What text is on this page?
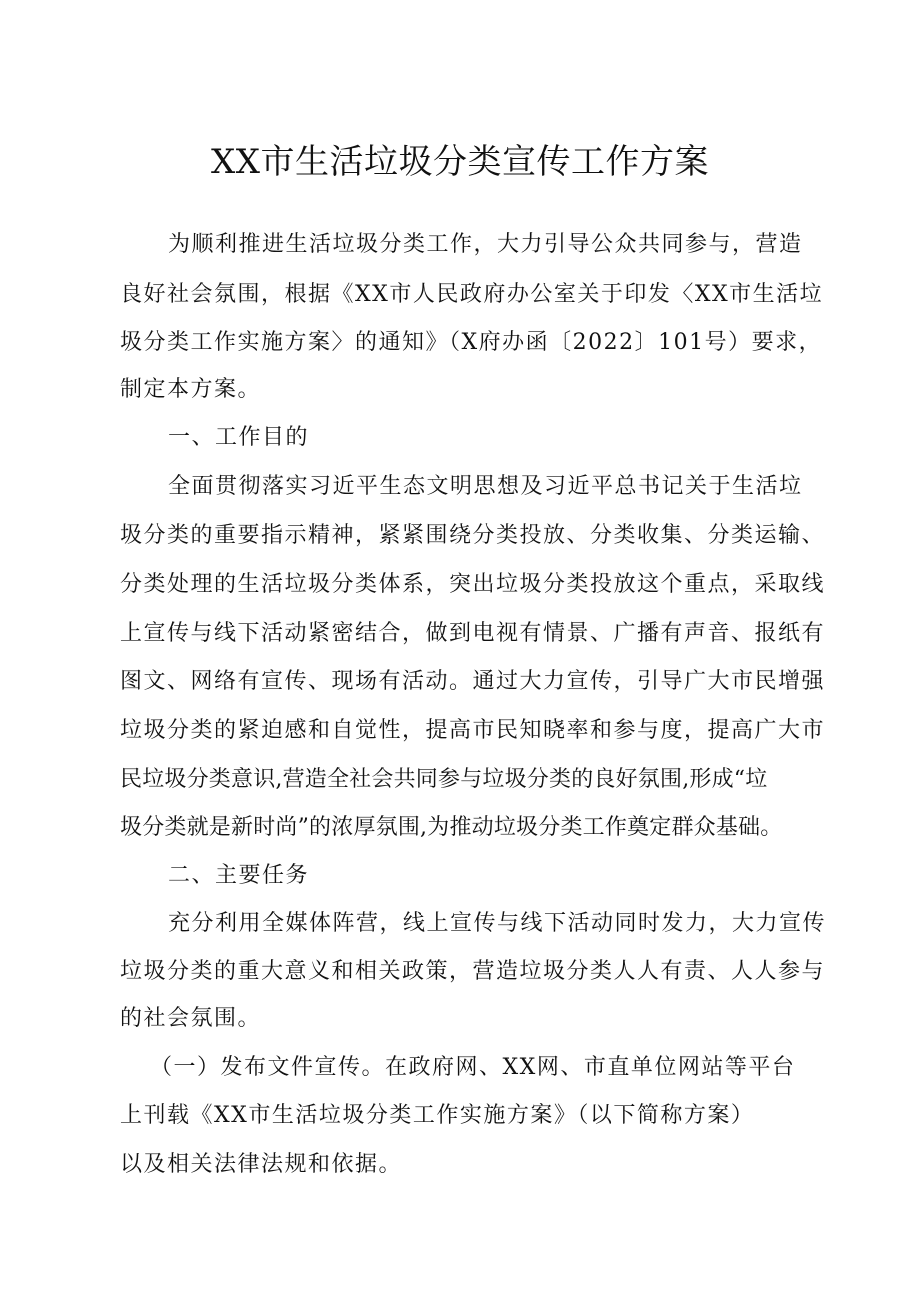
XX市生活垃圾分类宣传工作方案
为顺利推进生活垃圾分类工作，大力引导公众共同参与，营造
良好社会氛围，根据《XX市人民政府办公室关于印发〈XX市生活垃
圾分类工作实施方案〉的通知》（X府办函〔2022〕101号）要求，
制定本方案。
一、工作目的
全面贯彻落实习近平生态文明思想及习近平总书记关于生活垃
圾分类的重要指示精神，紧紧围绕分类投放、分类收集、分类运输、
分类处理的生活垃圾分类体系，突出垃圾分类投放这个重点，采取线
上宣传与线下活动紧密结合，做到电视有情景、广播有声音、报纸有
图文、网络有宣传、现场有活动。通过大力宣传，引导广大市民增强
垃圾分类的紧迫感和自觉性，提高市民知晓率和参与度，提高广大市
民垃圾分类意识,营造全社会共同参与垃圾分类的良好氛围,形成“垃
圾分类就是新时尚”的浓厚氛围,为推动垃圾分类工作奠定群众基础。
二、主要任务
充分利用全媒体阵营，线上宣传与线下活动同时发力，大力宣传
垃圾分类的重大意义和相关政策，营造垃圾分类人人有责、人人参与
的社会氛围。
（一）发布文件宣传。在政府网、XX网、市直单位网站等平台
上刊载《XX市生活垃圾分类工作实施方案》（以下简称方案）
以及相关法律法规和依据。
